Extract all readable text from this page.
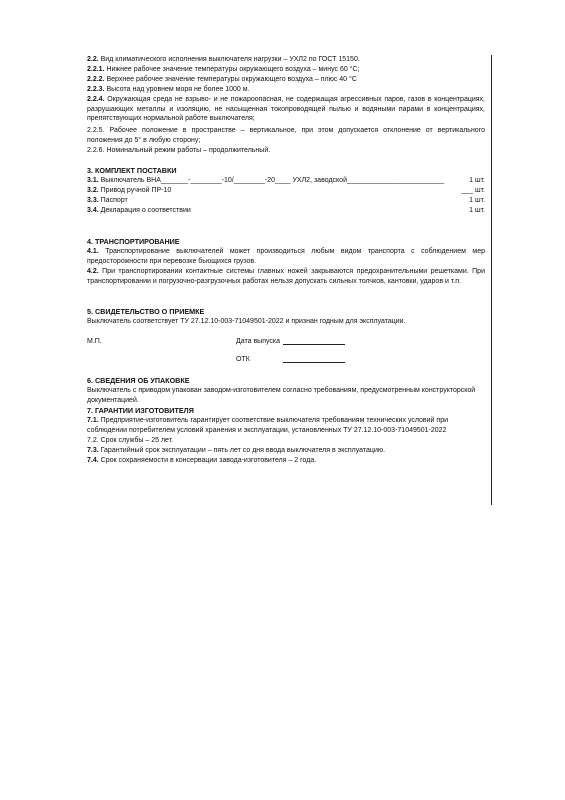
2.2. Вид климатического исполнения выключателя нагрузки – УХЛ2 по ГОСТ 15150.
2.2.1. Нижнее рабочее значение температуры окружающего воздуха – минус 60 °С;
2.2.2. Верхнее рабочее значение температуры окружающего воздуха – плюс 40 °С
2.2.3. Высота над уровнем моря не более 1000 м.
2.2.4. Окружающая среда не взрыво- и не пожароопасная, не содержащая агрессивных паров, газов в концентрациях, разрушающих металлы и изоляцию, не насыщенная токопроводящей пылью и водяными парами в концентрациях, препятствующих нормальной работе выключателя;
2.2.5. Рабочее положение в пространстве – вертикальное, при этом допускается отклонение от вертикального положения до 5° в любую сторону;
2.2.6. Номинальный режим работы – продолжительный.
3. КОМПЛЕКТ ПОСТАВКИ
3.1. Выключатель ВНА_______-________-10/________-20____ УХЛ2, заводской_________________________	1 шт.
3.2. Привод ручной ПР-10	___ шт.
3.3. Паспорт	1 шт.
3.4. Декларация о соответствии	1 шт.
4. ТРАНСПОРТИРОВАНИЕ
4.1. Транспортирование выключателей может производиться любым видом транспорта с соблюдением мер предосторожности при перевозке бьющихся грузов.
4.2. При транспортировании контактные системы главных ножей закрываются предохранительными решетками. При транспортировании и погрузочно-разгрузочных работах нельзя допускать сильных толчков, кантовки, ударов и т.п.
5. СВИДЕТЕЛЬСТВО О ПРИЕМКЕ
Выключатель соответствует ТУ 27.12.10-003-71049501-2022 и признан годным для эксплуатации.
М.П.	Дата выпуска
ОТК
6. СВЕДЕНИЯ ОБ УПАКОВКЕ
Выключатель с приводом упакован заводом-изготовителем согласно требованиям, предусмотренным конструкторской документацией.
7. ГАРАНТИИ ИЗГОТОВИТЕЛЯ
7.1. Предприятие-изготовитель гарантирует соответствие выключателя требованиям технических условий при соблюдении потребителем условий хранения и эксплуатации, установленных ТУ 27.12.10-003-71049501-2022
7.2. Срок службы – 25 лет.
7.3. Гарантийный срок эксплуатации – пять лет со дня ввода выключателя в эксплуатацию.
7.4. Срок сохраняемости в консервации завода-изготовителя – 2 года.
